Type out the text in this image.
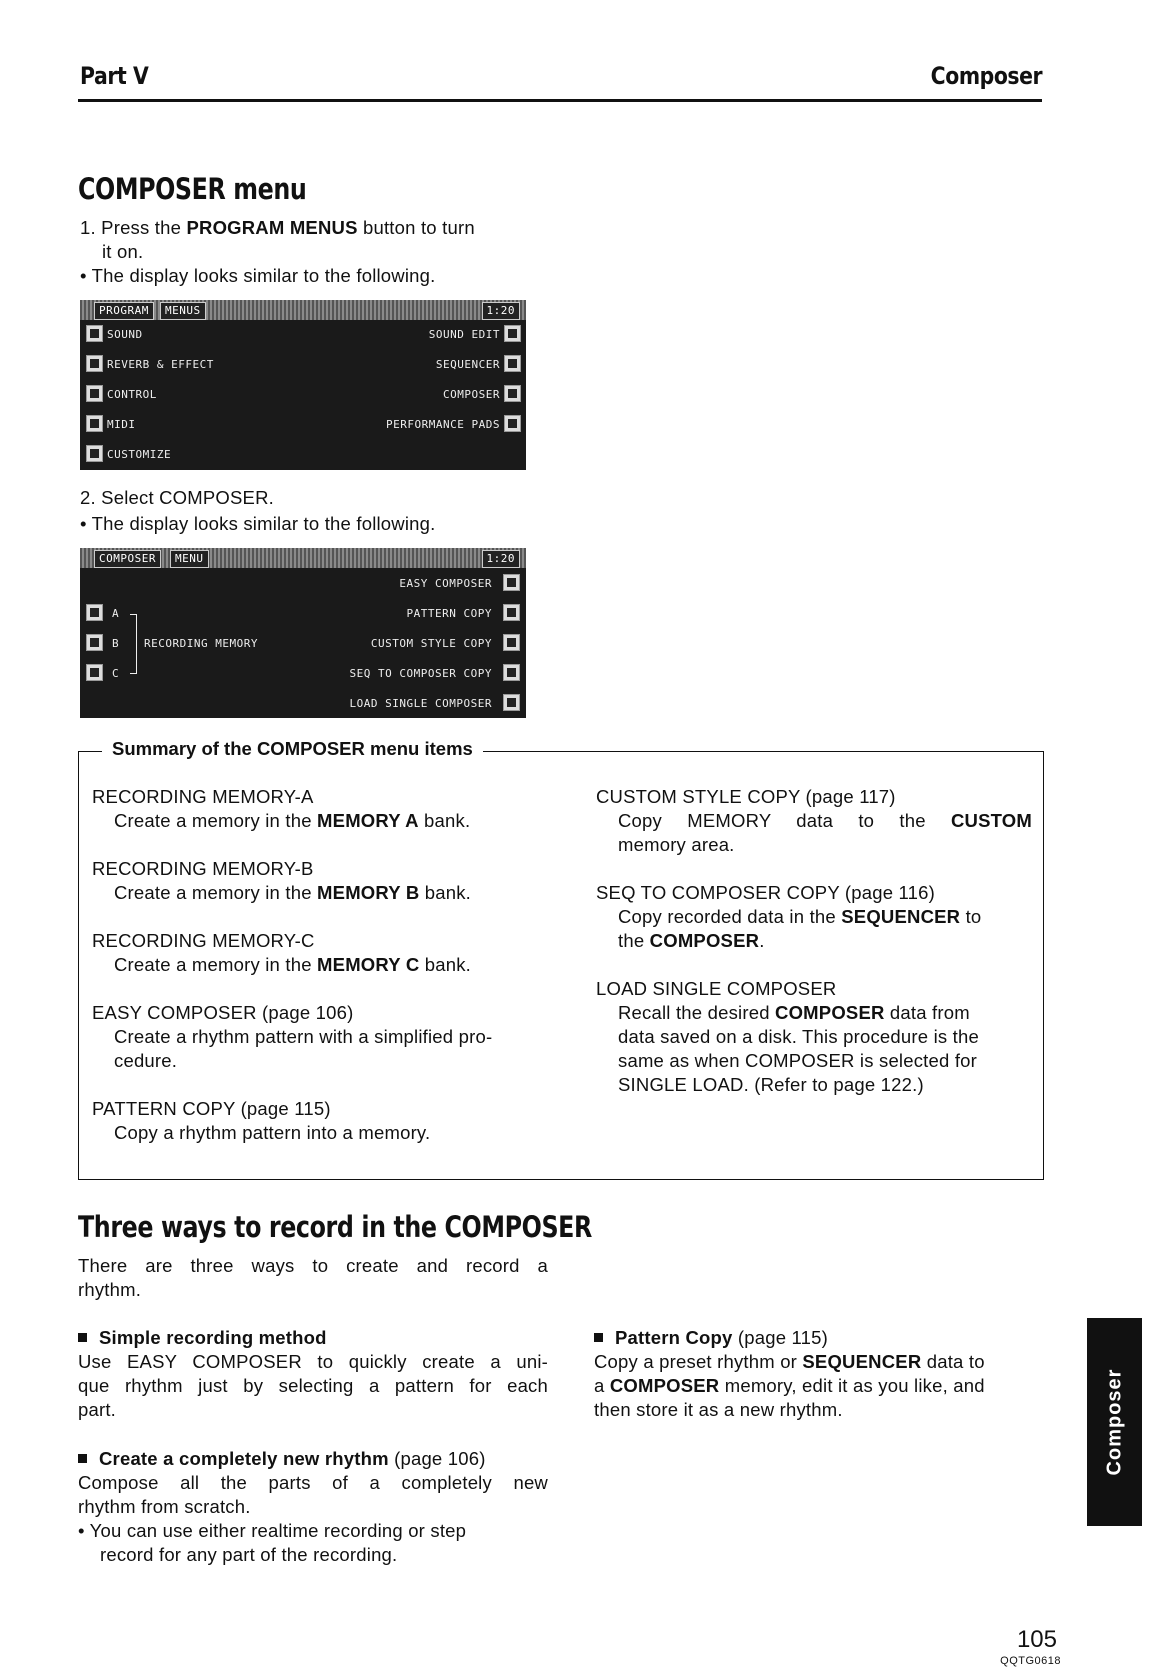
Part V	Composer
COMPOSER menu
1. Press the PROGRAM MENUS button to turn
it on.
• The display looks similar to the following.
PROGRAM	MENUS	1:20
SOUND
REVERB & EFFECT
CONTROL
MIDI
CUSTOMIZE
SOUND EDIT
SEQUENCER
COMPOSER
PERFORMANCE PADS
2. Select COMPOSER.
• The display looks similar to the following.
COMPOSER	MENU	1:20
A
B
C
RECORDING MEMORY
EASY COMPOSER
PATTERN COPY
CUSTOM STYLE COPY
SEQ TO COMPOSER COPY
LOAD SINGLE COMPOSER
Summary of the COMPOSER menu items
RECORDING MEMORY-A
Create a memory in the MEMORY A bank.
RECORDING MEMORY-B
Create a memory in the MEMORY B bank.
RECORDING MEMORY-C
Create a memory in the MEMORY C bank.
EASY COMPOSER (page 106)
Create a rhythm pattern with a simplified pro-
cedure.
PATTERN COPY (page 115)
Copy a rhythm pattern into a memory.
CUSTOM STYLE COPY (page 117)
Copy MEMORY data to the CUSTOM
memory area.
SEQ TO COMPOSER COPY (page 116)
Copy recorded data in the SEQUENCER to
the COMPOSER.
LOAD SINGLE COMPOSER
Recall the desired COMPOSER data from
data saved on a disk. This procedure is the
same as when COMPOSER is selected for
SINGLE LOAD. (Refer to page 122.)
Three ways to record in the COMPOSER
There are three ways to create and record a
rhythm.
Simple recording method
Use EASY COMPOSER to quickly create a uni-
que rhythm just by selecting a pattern for each
part.
Create a completely new rhythm (page 106)
Compose all the parts of a completely new
rhythm from scratch.
• You can use either realtime recording or step
record for any part of the recording.
Pattern Copy (page 115)
Copy a preset rhythm or SEQUENCER data to
a COMPOSER memory, edit it as you like, and
then store it as a new rhythm.	Composer
105
QQTG0618
